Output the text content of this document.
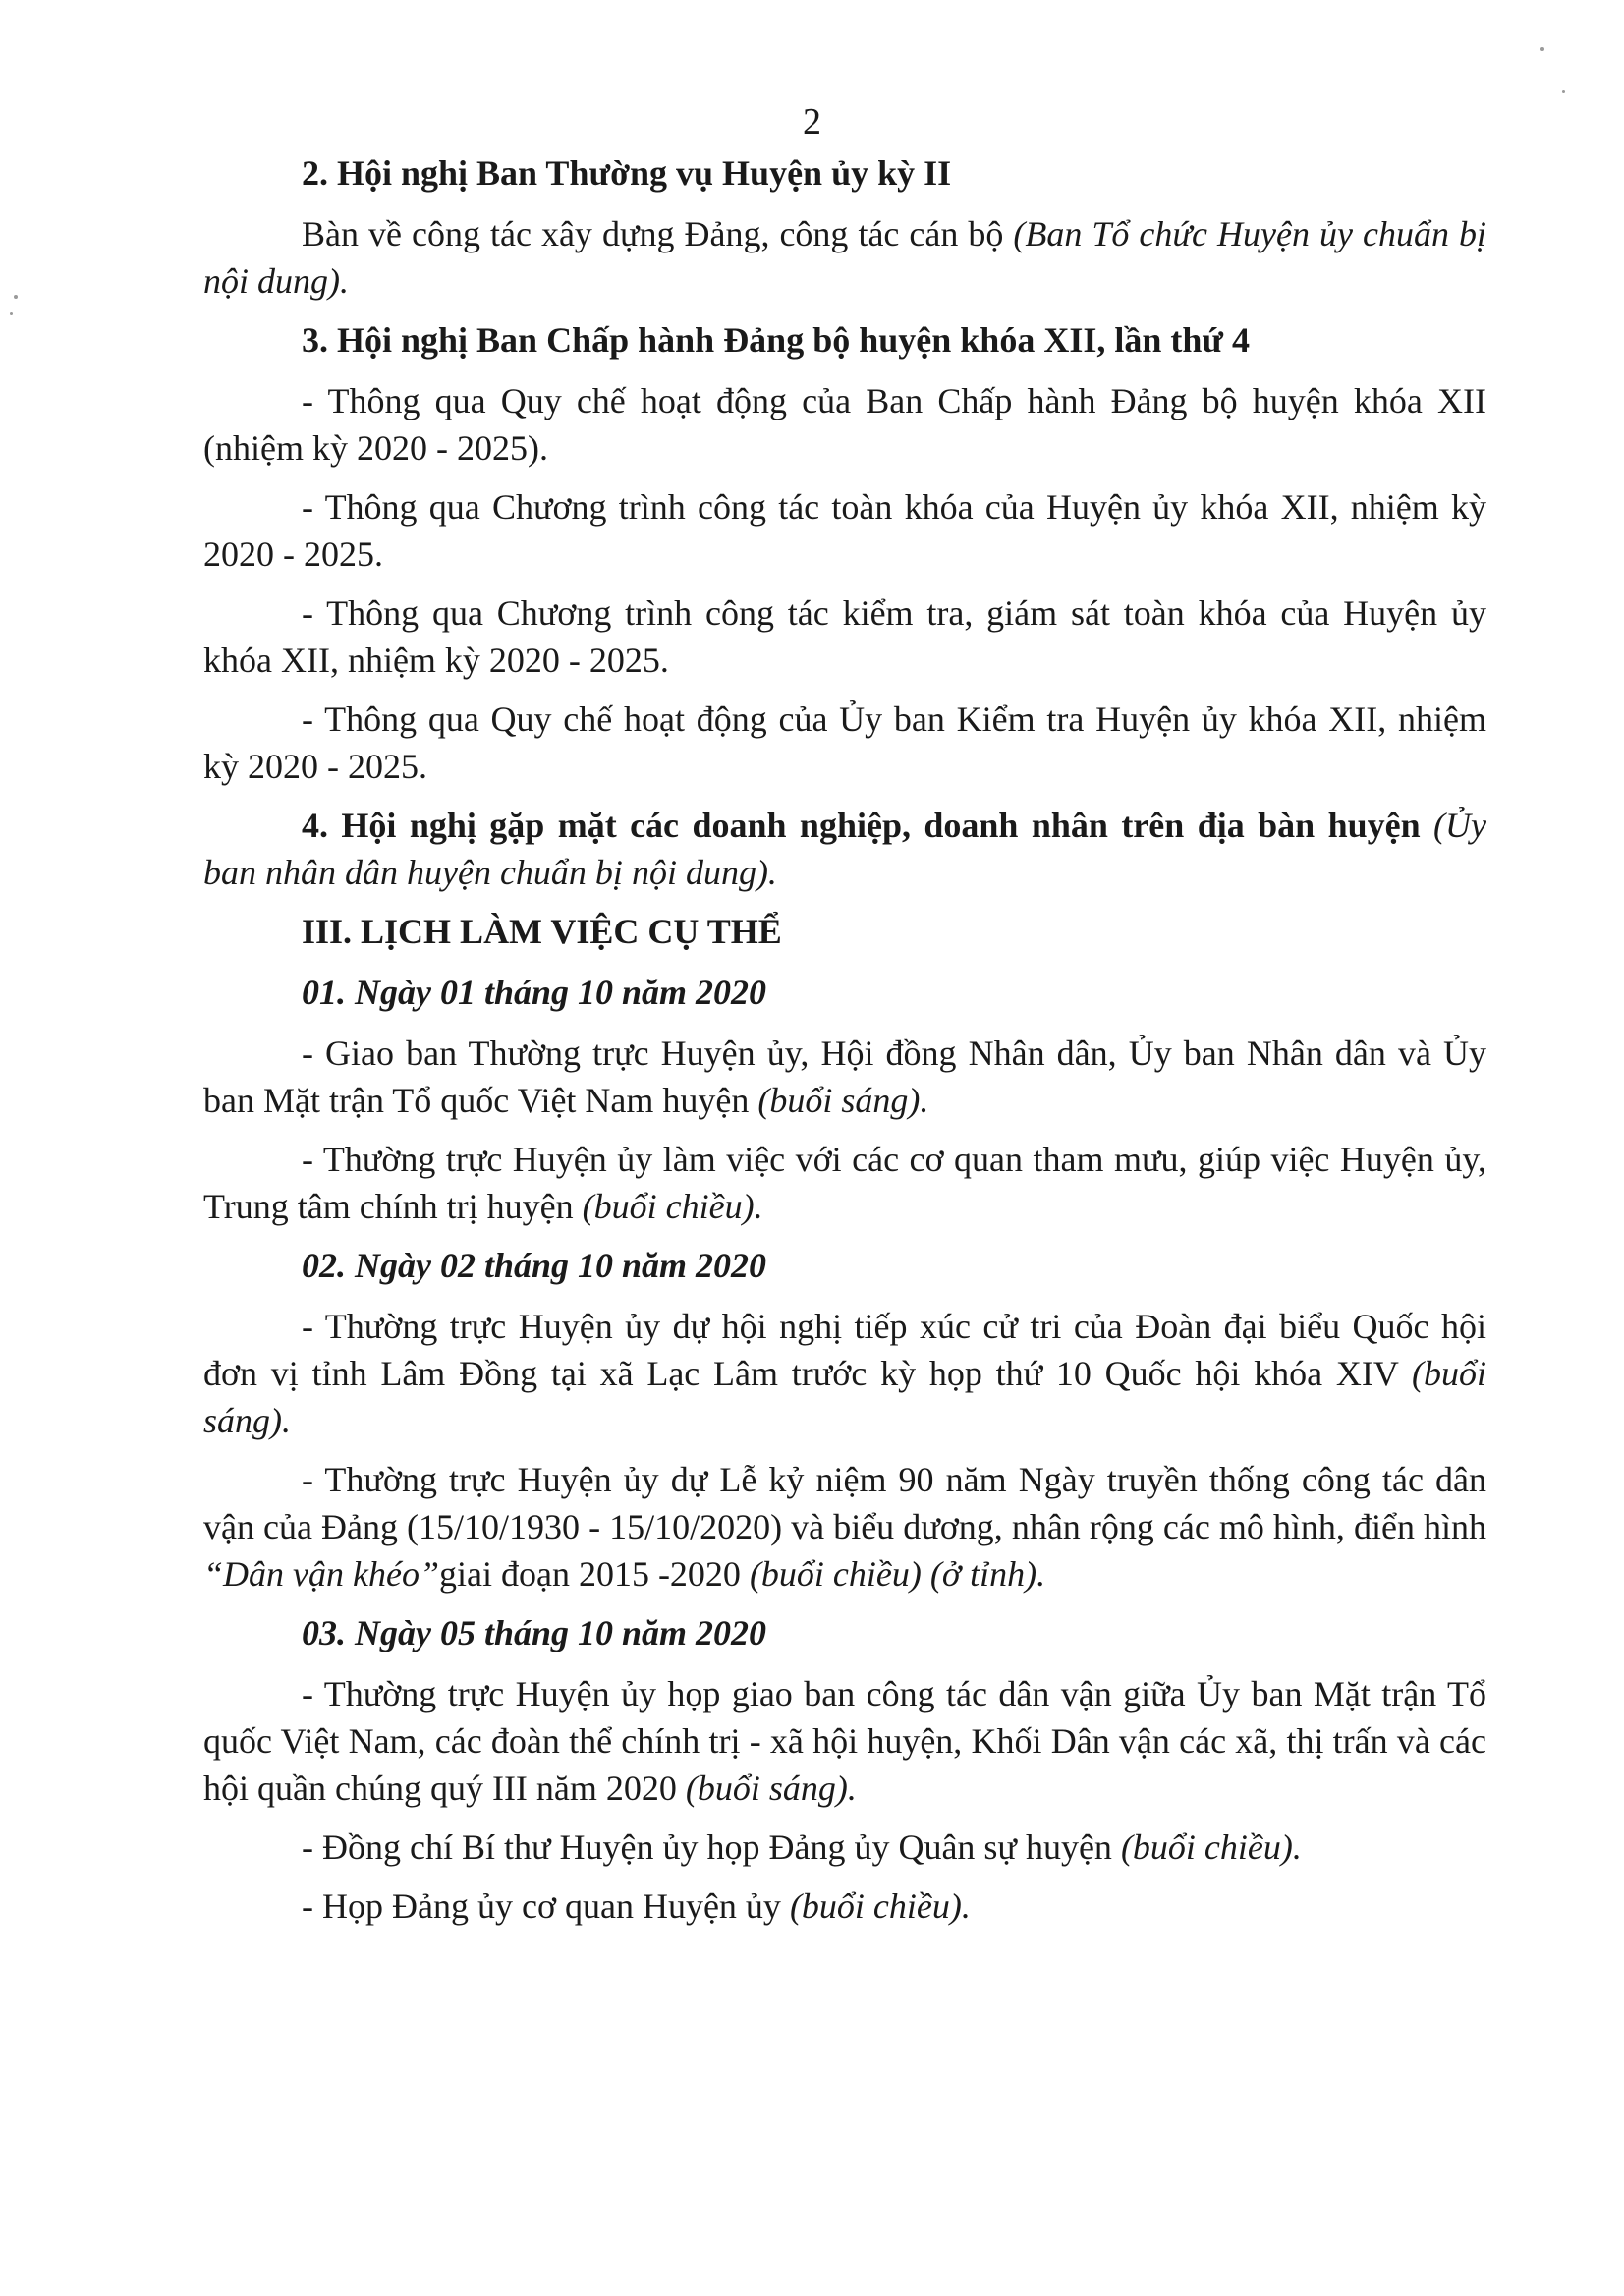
2

2. Hội nghị Ban Thường vụ Huyện ủy kỳ II

Bàn về công tác xây dựng Đảng, công tác cán bộ (Ban Tổ chức Huyện ủy chuẩn bị nội dung).

3. Hội nghị Ban Chấp hành Đảng bộ huyện khóa XII, lần thứ 4

- Thông qua Quy chế hoạt động của Ban Chấp hành Đảng bộ huyện khóa XII (nhiệm kỳ 2020 - 2025).

- Thông qua Chương trình công tác toàn khóa của Huyện ủy khóa XII, nhiệm kỳ 2020 - 2025.

- Thông qua Chương trình công tác kiểm tra, giám sát toàn khóa của Huyện ủy khóa XII, nhiệm kỳ 2020 - 2025.

- Thông qua Quy chế hoạt động của Ủy ban Kiểm tra Huyện ủy khóa XII, nhiệm kỳ 2020 - 2025.

4. Hội nghị gặp mặt các doanh nghiệp, doanh nhân trên địa bàn huyện (Ủy ban nhân dân huyện chuẩn bị nội dung).

III. LỊCH LÀM VIỆC CỤ THỂ

01. Ngày 01 tháng 10 năm 2020

- Giao ban Thường trực Huyện ủy, Hội đồng Nhân dân, Ủy ban Nhân dân và Ủy ban Mặt trận Tổ quốc Việt Nam huyện (buổi sáng).

- Thường trực Huyện ủy làm việc với các cơ quan tham mưu, giúp việc Huyện ủy, Trung tâm chính trị huyện (buổi chiều).

02. Ngày 02 tháng 10 năm 2020

- Thường trực Huyện ủy dự hội nghị tiếp xúc cử tri của Đoàn đại biểu Quốc hội đơn vị tỉnh Lâm Đồng tại xã Lạc Lâm trước kỳ họp thứ 10 Quốc hội khóa XIV (buổi sáng).

- Thường trực Huyện ủy dự Lễ kỷ niệm 90 năm Ngày truyền thống công tác dân vận của Đảng (15/10/1930 - 15/10/2020) và biểu dương, nhân rộng các mô hình, điển hình “Dân vận khéo”giai đoạn 2015 -2020 (buổi chiều) (ở tỉnh).

03. Ngày 05 tháng 10 năm 2020

- Thường trực Huyện ủy họp giao ban công tác dân vận giữa Ủy ban Mặt trận Tổ quốc Việt Nam, các đoàn thể chính trị - xã hội huyện, Khối Dân vận các xã, thị trấn và các hội quần chúng quý III năm 2020 (buổi sáng).

- Đồng chí Bí thư Huyện ủy họp Đảng ủy Quân sự huyện (buổi chiều).

- Họp Đảng ủy cơ quan Huyện ủy (buổi chiều).
